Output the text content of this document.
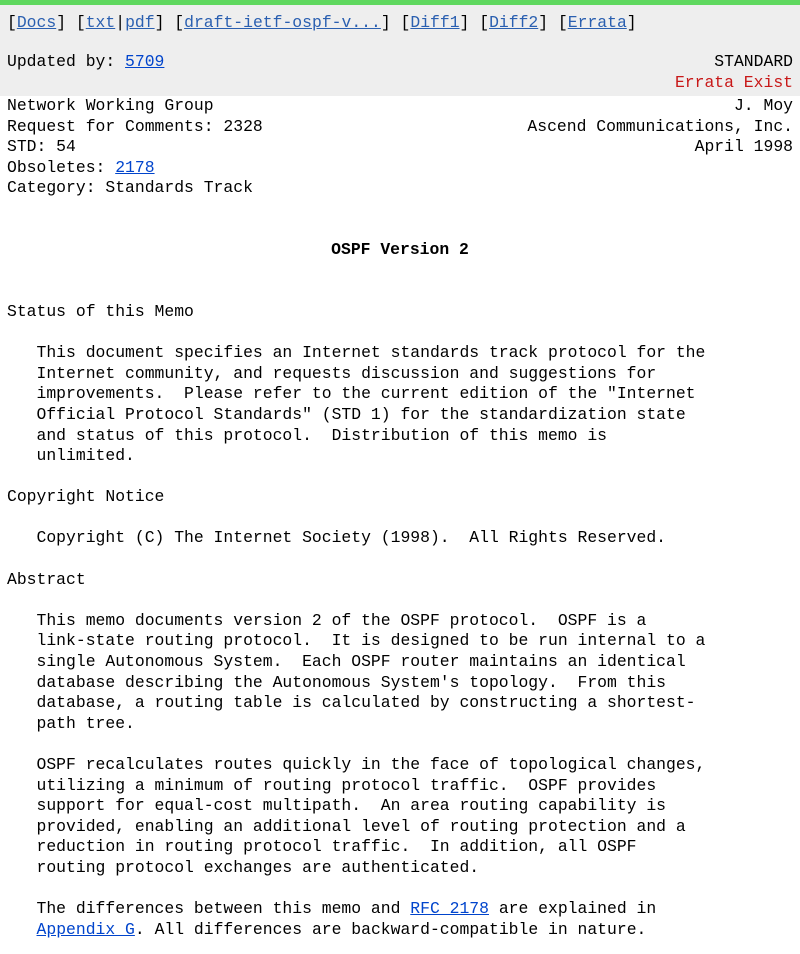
[Docs] [txt|pdf] [draft-ietf-ospf-v...] [Diff1] [Diff2] [Errata]
Updated by: 5709	STANDARD
Errata Exist
Network Working Group	J. Moy
Request for Comments: 2328	Ascend Communications, Inc.
STD: 54	April 1998
Obsoletes: 2178
Category: Standards Track

OSPF Version 2

Status of this Memo

This document specifies an Internet standards track protocol for the
Internet community, and requests discussion and suggestions for
improvements.  Please refer to the current edition of the "Internet
Official Protocol Standards" (STD 1) for the standardization state
and status of this protocol.  Distribution of this memo is
unlimited.

Copyright Notice

Copyright (C) The Internet Society (1998).  All Rights Reserved.

Abstract

This memo documents version 2 of the OSPF protocol.  OSPF is a
link-state routing protocol.  It is designed to be run internal to a
single Autonomous System.  Each OSPF router maintains an identical
database describing the Autonomous System's topology.  From this
database, a routing table is calculated by constructing a shortest-
path tree.

OSPF recalculates routes quickly in the face of topological changes,
utilizing a minimum of routing protocol traffic.  OSPF provides
support for equal-cost multipath.  An area routing capability is
provided, enabling an additional level of routing protection and a
reduction in routing protocol traffic.  In addition, all OSPF
routing protocol exchanges are authenticated.

The differences between this memo and RFC 2178 are explained in
Appendix G. All differences are backward-compatible in nature.
